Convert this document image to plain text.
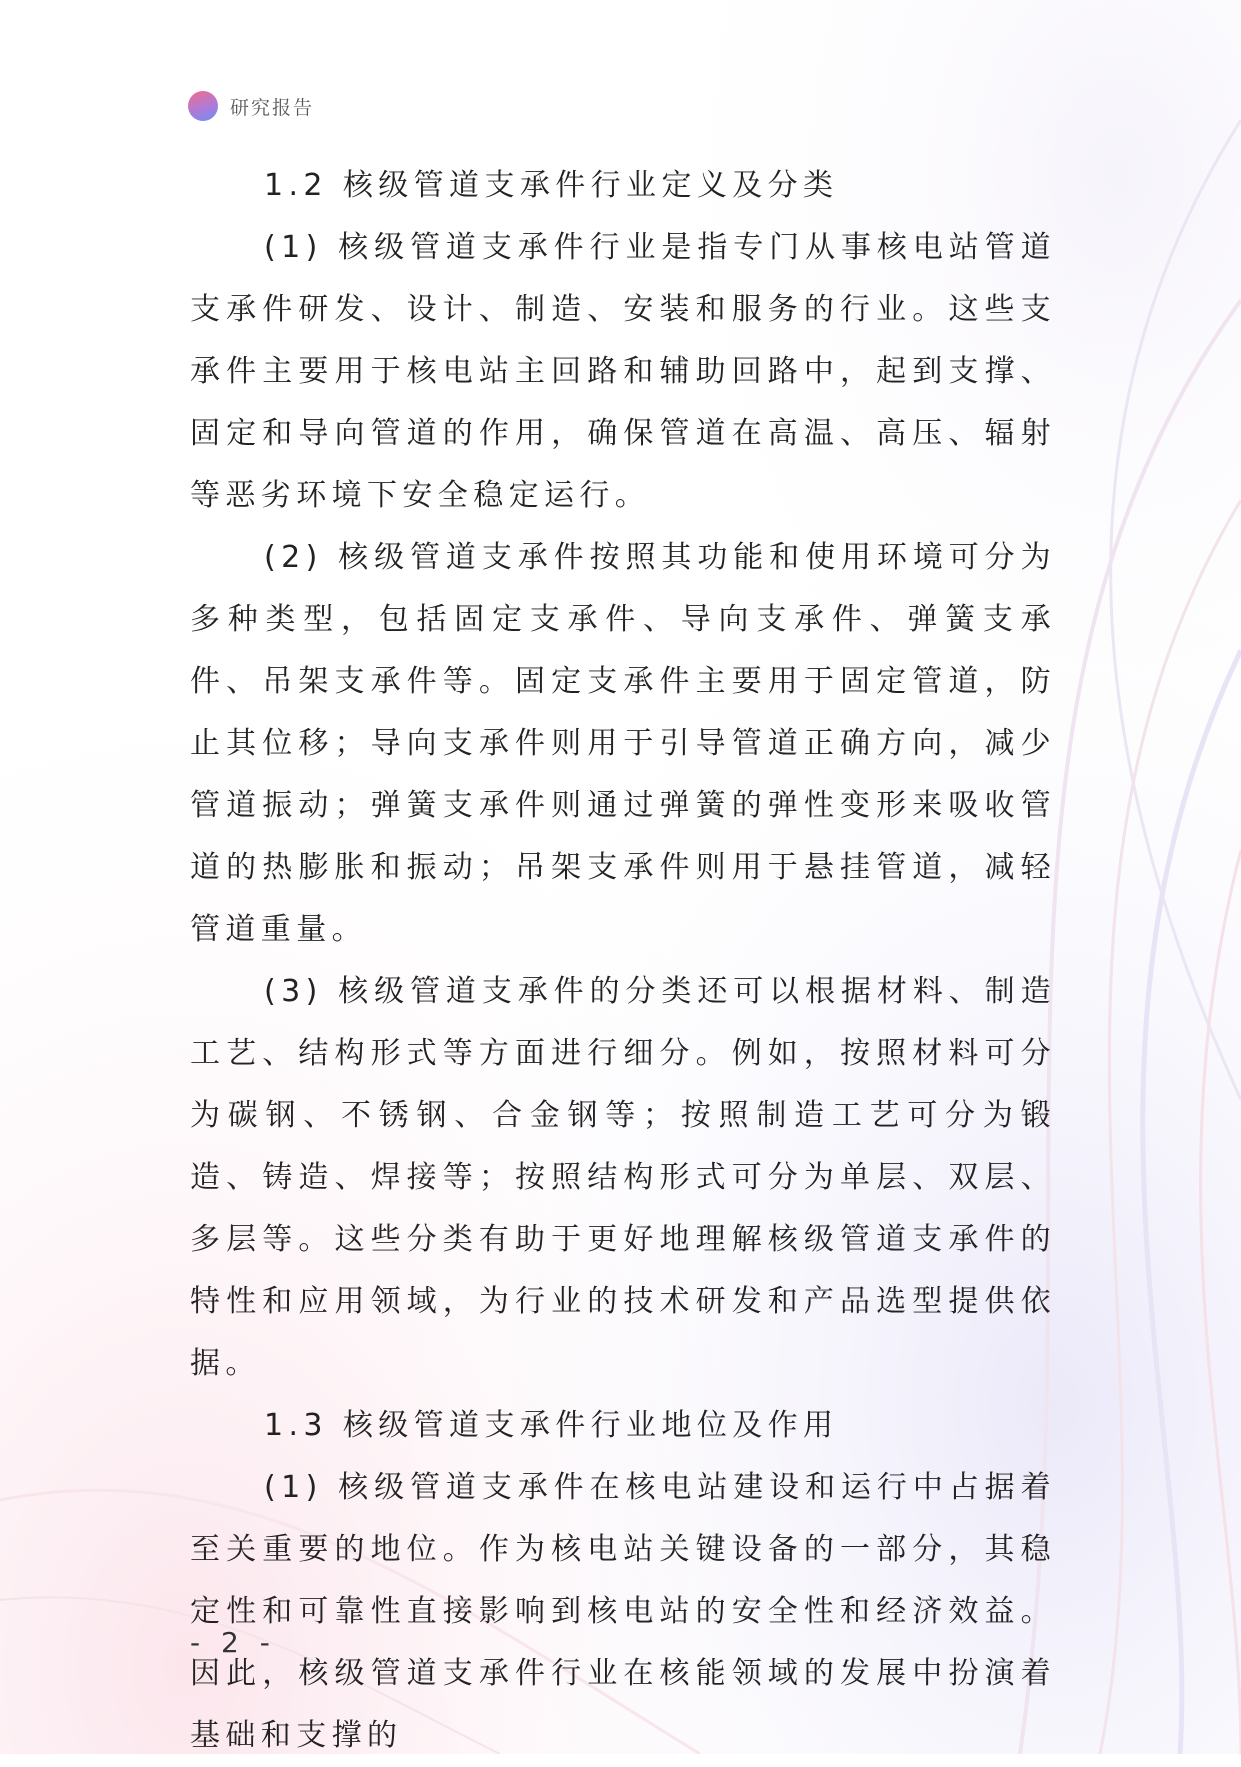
研究报告

1.2 核级管道支承件行业定义及分类

(1) 核级管道支承件行业是指专门从事核电站管道支承件研发、设计、制造、安装和服务的行业。这些支承件主要用于核电站主回路和辅助回路中，起到支撑、固定和导向管道的作用，确保管道在高温、高压、辐射等恶劣环境下安全稳定运行。

(2) 核级管道支承件按照其功能和使用环境可分为多种类型，包括固定支承件、导向支承件、弹簧支承件、吊架支承件等。固定支承件主要用于固定管道，防止其位移；导向支承件则用于引导管道正确方向，减少管道振动；弹簧支承件则通过弹簧的弹性变形来吸收管道的热膨胀和振动；吊架支承件则用于悬挂管道，减轻管道重量。

(3) 核级管道支承件的分类还可以根据材料、制造工艺、结构形式等方面进行细分。例如，按照材料可分为碳钢、不锈钢、合金钢等；按照制造工艺可分为锻造、铸造、焊接等；按照结构形式可分为单层、双层、多层等。这些分类有助于更好地理解核级管道支承件的特性和应用领域，为行业的技术研发和产品选型提供依据。

1.3 核级管道支承件行业地位及作用

(1) 核级管道支承件在核电站建设和运行中占据着至关重要的地位。作为核电站关键设备的一部分，其稳定性和可靠性直接影响到核电站的安全性和经济效益。因此，核级管道支承件行业在核能领域的发展中扮演着基础和支撑的

- 2 -
